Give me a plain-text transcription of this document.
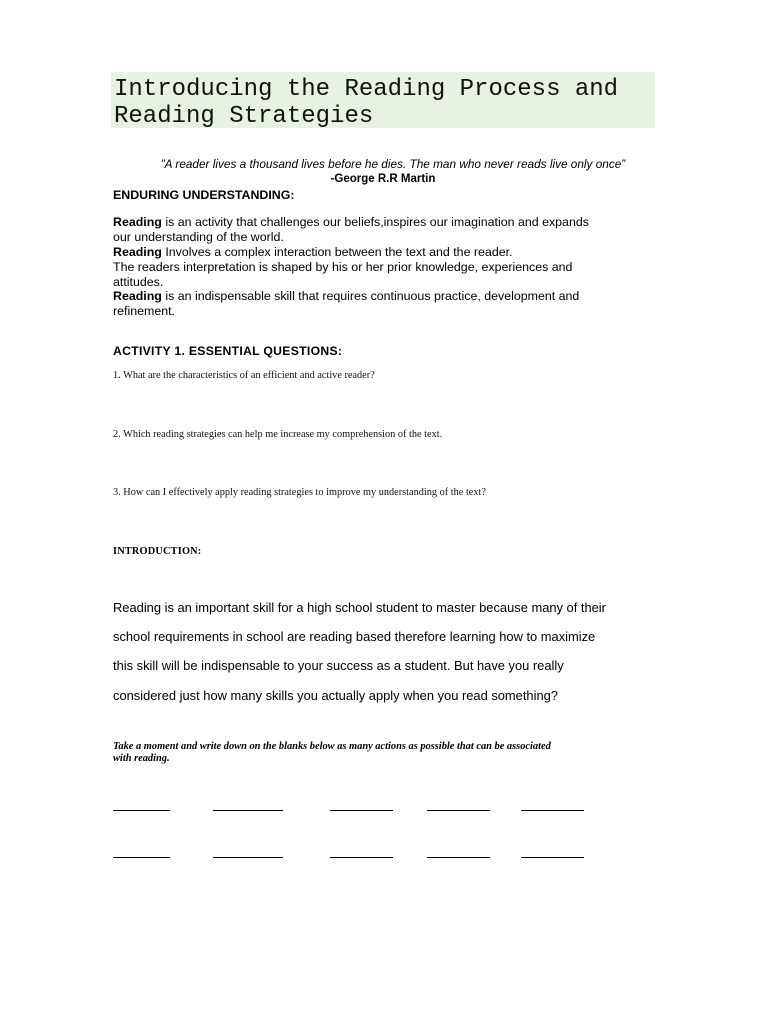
Introducing the Reading Process and
Reading Strategies
”A reader lives a thousand lives before he dies. The man who never reads live only once”
-George R.R Martin
ENDURING UNDERSTANDING:
Reading is an activity that challenges our beliefs,inspires our imagination and expands
our understanding of the world.
Reading Involves a complex interaction between the text and the reader.
The readers interpretation is shaped by his or her prior knowledge, experiences and
attitudes.
Reading is an indispensable skill that requires continuous practice, development and
refinement.
ACTIVITY 1. ESSENTIAL QUESTIONS:
1. What are the characteristics of an efficient and active reader?
2. Which reading strategies can help me increase my comprehension of the text.
3. How can I effectively apply reading strategies to improve my understanding of the text?
INTRODUCTION:
Reading is an important skill for a high school student to master because many of their
school requirements in school are reading based therefore learning how to maximize
this skill will be indispensable to your success as a student. But have you really
considered just how many skills you actually apply when you read something?
Take a moment and write down on the blanks below as many actions as possible that can be associated
with reading.
